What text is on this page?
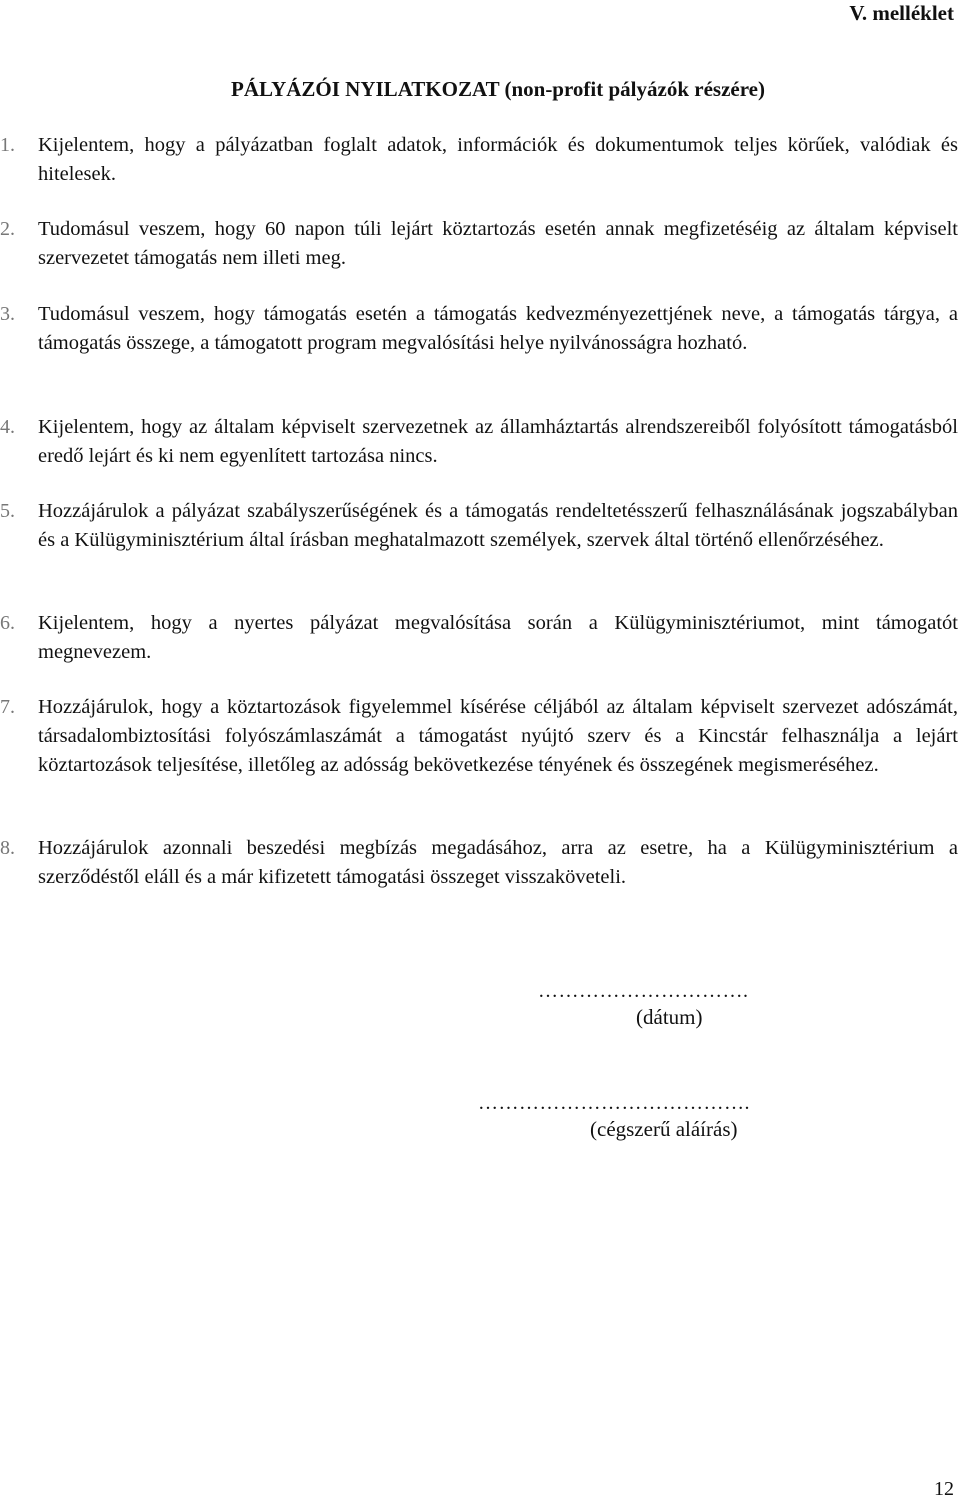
V. melléklet
PÁLYÁZÓI NYILATKOZAT (non-profit pályázók részére)
1. Kijelentem, hogy a pályázatban foglalt adatok, információk és dokumentumok teljes körűek, valódiak és hitelesek.
2. Tudomásul veszem, hogy 60 napon túli lejárt köztartozás esetén annak megfizetéséig az általam képviselt szervezetet támogatás nem illeti meg.
3. Tudomásul veszem, hogy támogatás esetén a támogatás kedvezményezettjének neve, a támogatás tárgya, a támogatás összege, a támogatott program megvalósítási helye nyilvánosságra hozható.
4. Kijelentem, hogy az általam képviselt szervezetnek az államháztartás alrendszereiből folyósított támogatásból eredő lejárt és ki nem egyenlített tartozása nincs.
5. Hozzájárulok a pályázat szabályszerűségének és a támogatás rendeltetésszerű felhasználásának jogszabályban és a Külügyminisztérium által írásban meghatalmazott személyek, szervek által történő ellenőrzéséhez.
6. Kijelentem, hogy a nyertes pályázat megvalósítása során a Külügyminisztériumot, mint támogatót megnevezem.
7. Hozzájárulok, hogy a köztartozások figyelemmel kísérése céljából az általam képviselt szervezet adószámát, társadalombiztosítási folyószámlaszámát a támogatást nyújtó szerv és a Kincstár felhasználja a lejárt köztartozások teljesítése, illetőleg az adósság bekövetkezése tényének és összegének megismeréséhez.
8. Hozzájárulok azonnali beszedési megbízás megadásához, arra az esetre, ha a Külügyminisztérium a szerződéstől eláll és a már kifizetett támogatási összeget visszaköveteli.
………………………….
(dátum)
………………………………….
(cégszerű aláírás)
12
